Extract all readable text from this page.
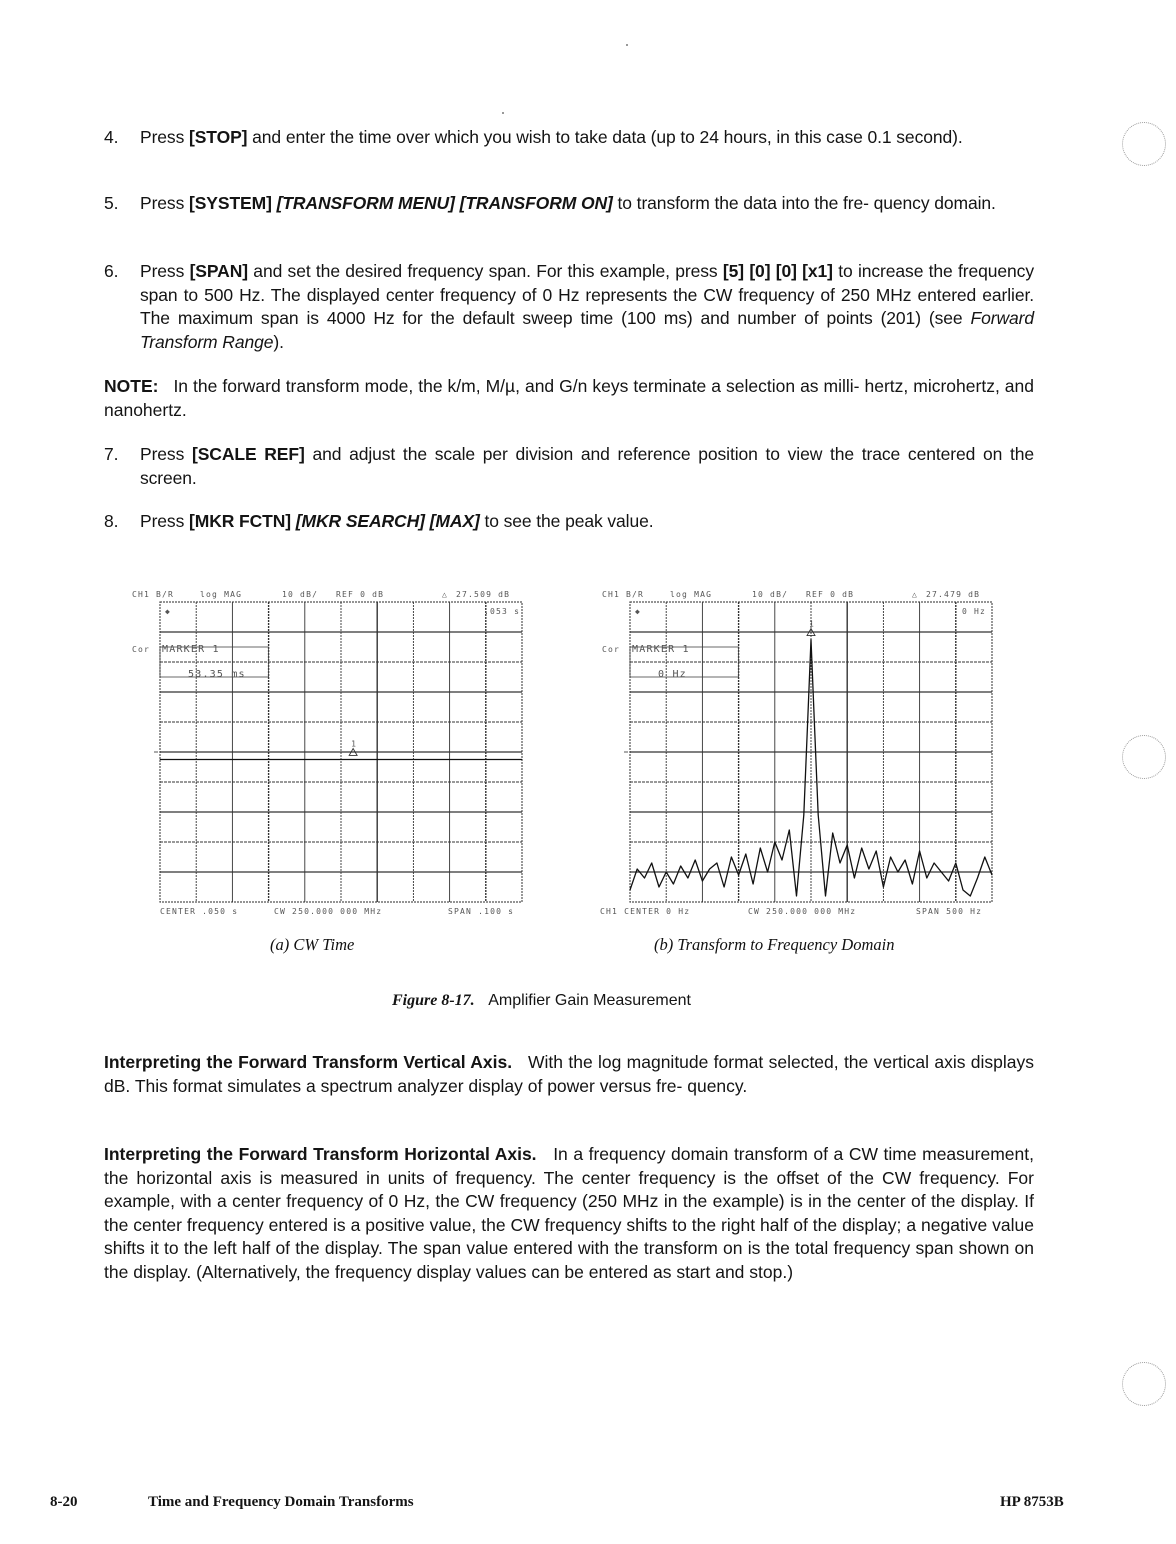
4. Press [STOP] and enter the time over which you wish to take data (up to 24 hours, in this case 0.1 second).
5. Press [SYSTEM] [TRANSFORM MENU] [TRANSFORM ON] to transform the data into the fre- quency domain.
6. Press [SPAN] and set the desired frequency span. For this example, press [5] [0] [0] [x1] to increase the frequency span to 500 Hz. The displayed center frequency of 0 Hz represents the CW frequency of 250 MHz entered earlier. The maximum span is 4000 Hz for the default sweep time (100 ms) and number of points (201) (see Forward Transform Range).
NOTE: In the forward transform mode, the k/m, M/µ, and G/n keys terminate a selection as milli- hertz, microhertz, and nanohertz.
7. Press [SCALE REF] and adjust the scale per division and reference position to view the trace centered on the screen.
8. Press [MKR FCTN] [MKR SEARCH] [MAX] to see the peak value.
CH1 B/R	log MAG	10 dB/ REF 0 dB	△ 27.509 dB
Cor
◆	.053 s
MARKER 1
53.35 ms
1
CENTER .050 s	CW 250.000 000 MHz	SPAN .100 s
(a) CW Time
CH1 B/R	log MAG	10 dB/ REF 0 dB	△ 27.479 dB
Cor
◆	0 Hz
MARKER 1
0 Hz
1
CH1 CENTER 0 Hz	CW 250.000 000 MHz	SPAN 500 Hz
(b) Transform to Frequency Domain
Figure 8-17. Amplifier Gain Measurement
Interpreting the Forward Transform Vertical Axis. With the log magnitude format selected, the vertical axis displays dB. This format simulates a spectrum analyzer display of power versus fre- quency.
Interpreting the Forward Transform Horizontal Axis. In a frequency domain transform of a CW time measurement, the horizontal axis is measured in units of frequency. The center frequency is the offset of the CW frequency. For example, with a center frequency of 0 Hz, the CW frequency (250 MHz in the example) is in the center of the display. If the center frequency entered is a positive value, the CW frequency shifts to the right half of the display; a negative value shifts it to the left half of the display. The span value entered with the transform on is the total frequency span shown on the display. (Alternatively, the frequency display values can be entered as start and stop.)
8-20	Time and Frequency Domain Transforms	HP 8753B
